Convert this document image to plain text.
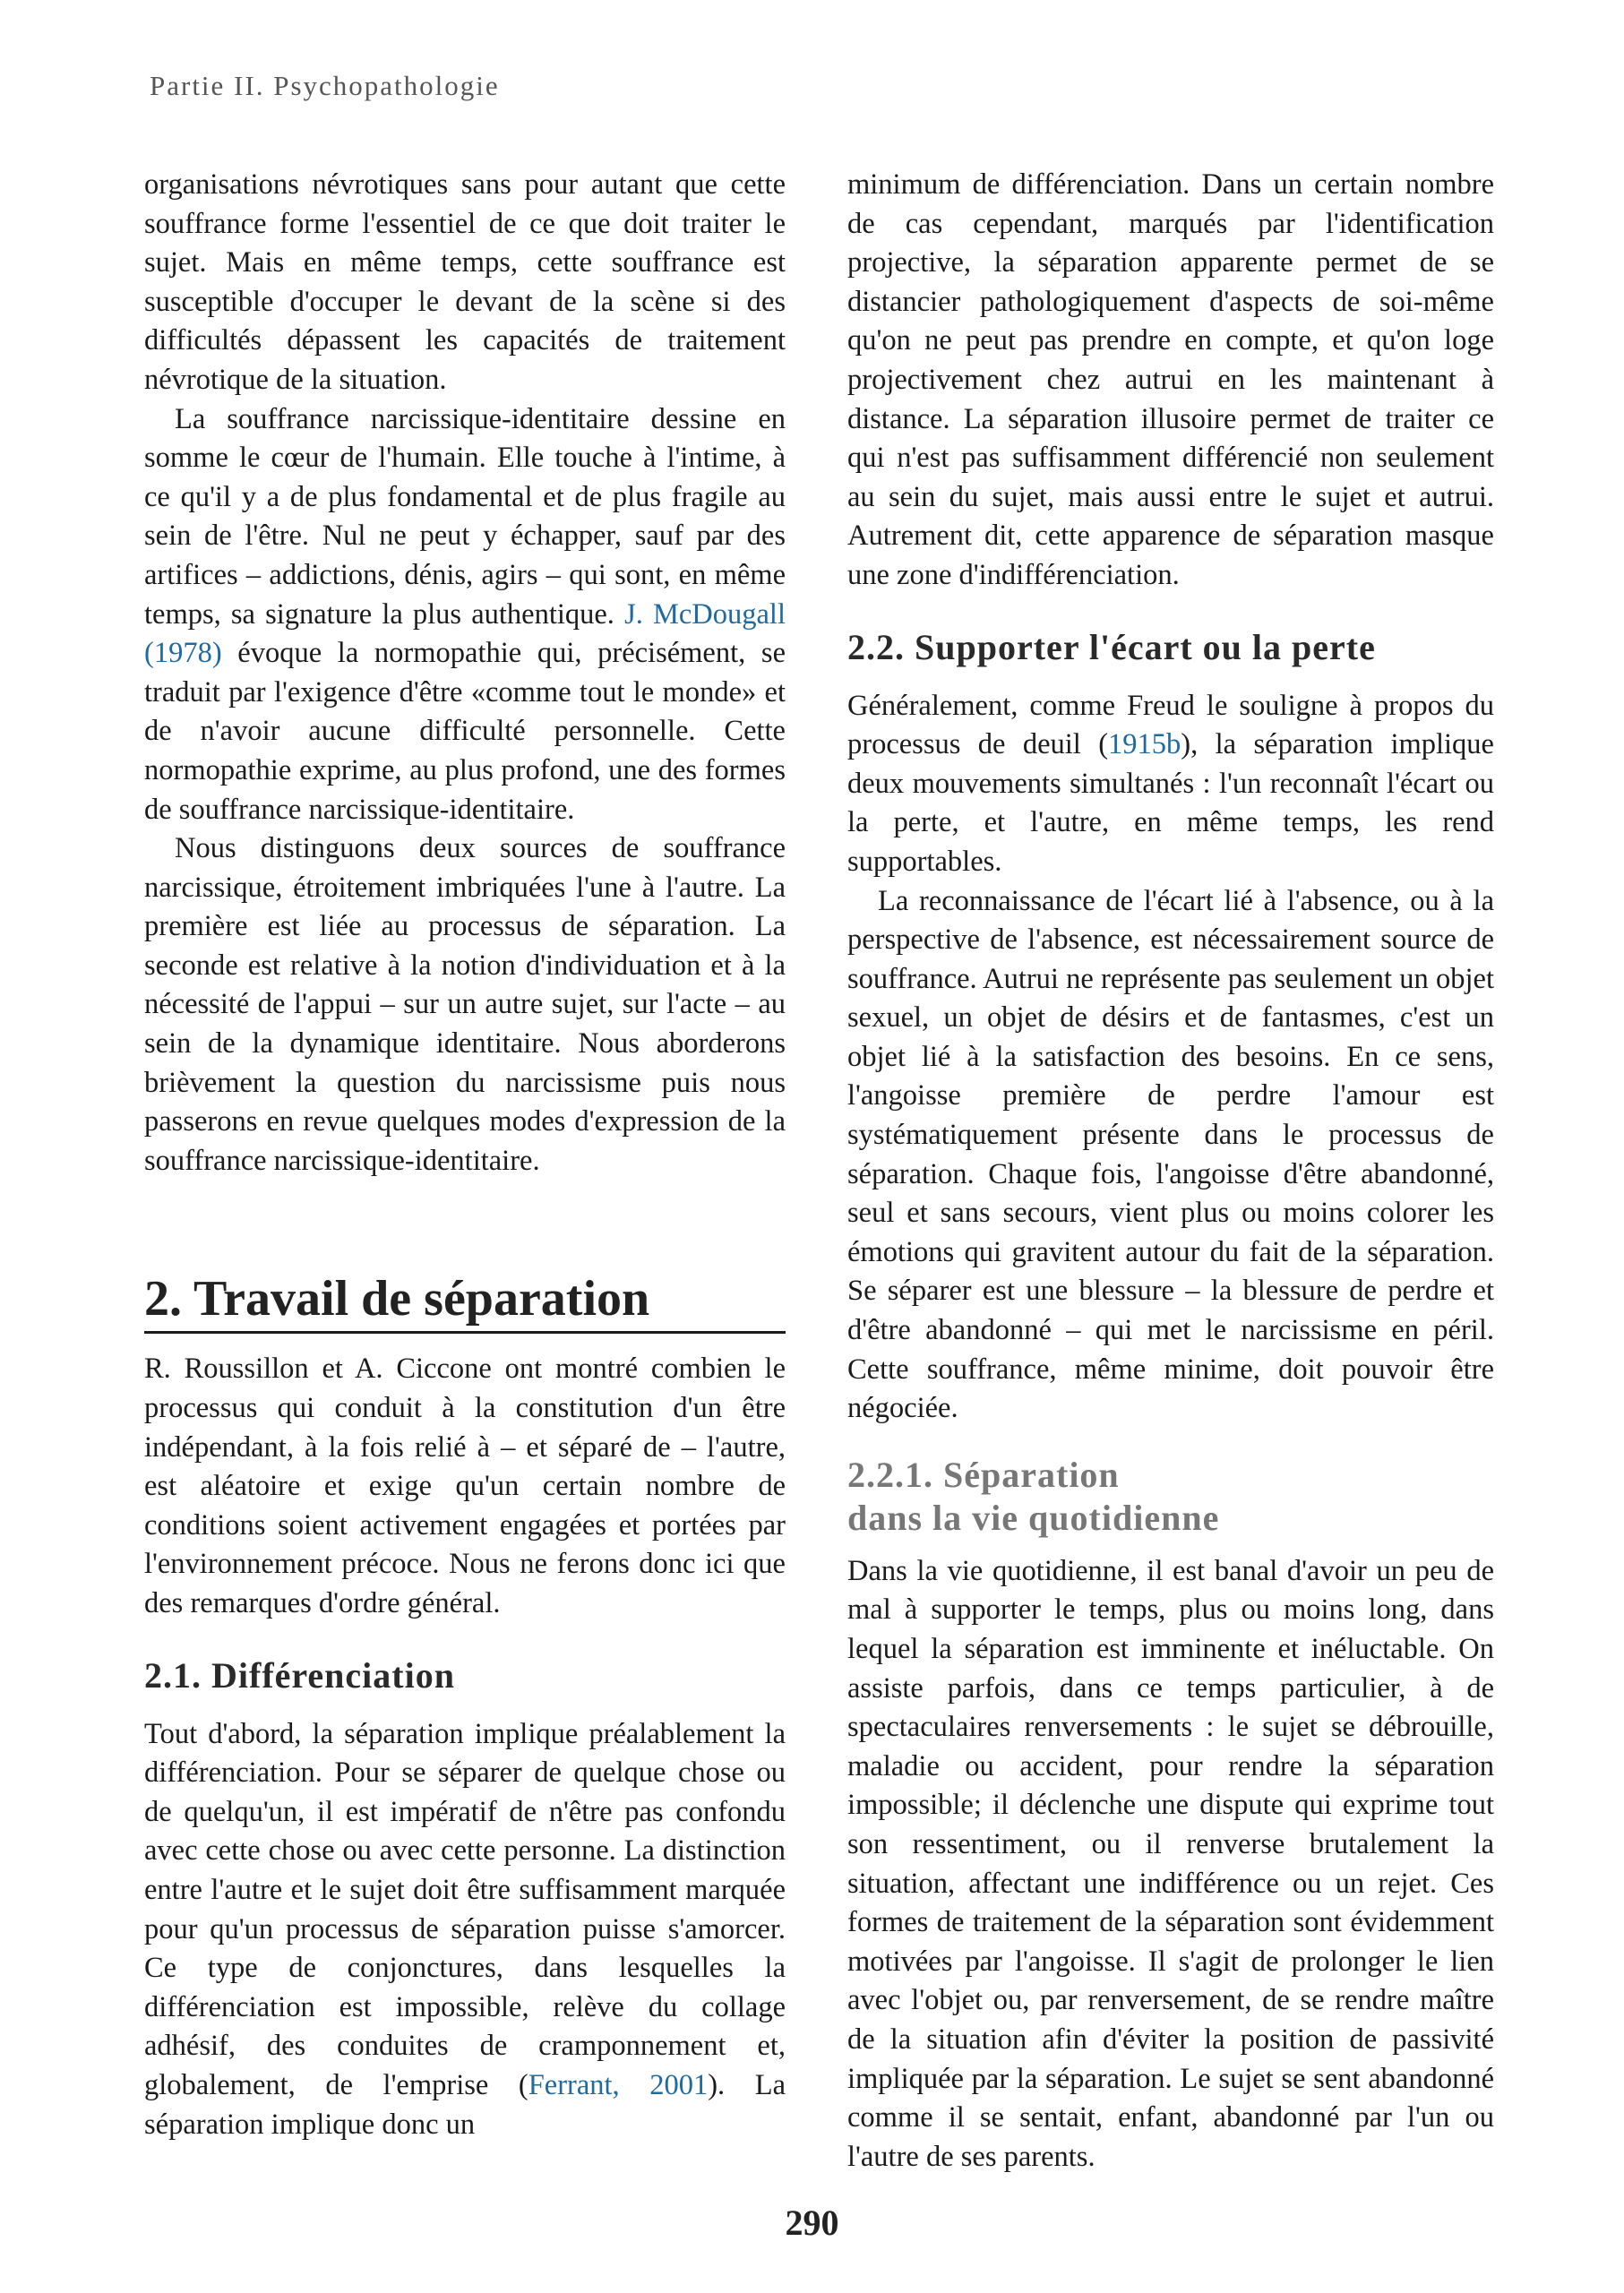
Partie II. Psychopathologie

organisations névrotiques sans pour autant que cette souffrance forme l'essentiel de ce que doit traiter le sujet. Mais en même temps, cette souffrance est susceptible d'occuper le devant de la scène si des difficultés dépassent les capacités de traitement névrotique de la situation.

La souffrance narcissique-identitaire dessine en somme le cœur de l'humain. Elle touche à l'intime, à ce qu'il y a de plus fondamental et de plus fragile au sein de l'être. Nul ne peut y échapper, sauf par des artifices – addictions, dénis, agirs – qui sont, en même temps, sa signature la plus authentique. J. McDougall (1978) évoque la normopathie qui, précisément, se traduit par l'exigence d'être «comme tout le monde» et de n'avoir aucune difficulté personnelle. Cette normopathie exprime, au plus profond, une des formes de souffrance narcissique-identitaire.

Nous distinguons deux sources de souffrance narcissique, étroitement imbriquées l'une à l'autre. La première est liée au processus de séparation. La seconde est relative à la notion d'individuation et à la nécessité de l'appui – sur un autre sujet, sur l'acte – au sein de la dynamique identitaire. Nous aborderons brièvement la question du narcissisme puis nous passerons en revue quelques modes d'expression de la souffrance narcissique-identitaire.

2. Travail de séparation

R. Roussillon et A. Ciccone ont montré combien le processus qui conduit à la constitution d'un être indépendant, à la fois relié à – et séparé de – l'autre, est aléatoire et exige qu'un certain nombre de conditions soient activement engagées et portées par l'environnement précoce. Nous ne ferons donc ici que des remarques d'ordre général.

2.1. Différenciation

Tout d'abord, la séparation implique préalablement la différenciation. Pour se séparer de quelque chose ou de quelqu'un, il est impératif de n'être pas confondu avec cette chose ou avec cette personne. La distinction entre l'autre et le sujet doit être suffisamment marquée pour qu'un processus de séparation puisse s'amorcer. Ce type de conjonctures, dans lesquelles la différenciation est impossible, relève du collage adhésif, des conduites de cramponnement et, globalement, de l'emprise (Ferrant, 2001). La séparation implique donc un

minimum de différenciation. Dans un certain nombre de cas cependant, marqués par l'identification projective, la séparation apparente permet de se distancier pathologiquement d'aspects de soi-même qu'on ne peut pas prendre en compte, et qu'on loge projectivement chez autrui en les maintenant à distance. La séparation illusoire permet de traiter ce qui n'est pas suffisamment différencié non seulement au sein du sujet, mais aussi entre le sujet et autrui. Autrement dit, cette apparence de séparation masque une zone d'indifférenciation.

2.2. Supporter l'écart ou la perte

Généralement, comme Freud le souligne à propos du processus de deuil (1915b), la séparation implique deux mouvements simultanés : l'un reconnaît l'écart ou la perte, et l'autre, en même temps, les rend supportables.

La reconnaissance de l'écart lié à l'absence, ou à la perspective de l'absence, est nécessairement source de souffrance. Autrui ne représente pas seulement un objet sexuel, un objet de désirs et de fantasmes, c'est un objet lié à la satisfaction des besoins. En ce sens, l'angoisse première de perdre l'amour est systématiquement présente dans le processus de séparation. Chaque fois, l'angoisse d'être abandonné, seul et sans secours, vient plus ou moins colorer les émotions qui gravitent autour du fait de la séparation. Se séparer est une blessure – la blessure de perdre et d'être abandonné – qui met le narcissisme en péril. Cette souffrance, même minime, doit pouvoir être négociée.

2.2.1. Séparation
dans la vie quotidienne

Dans la vie quotidienne, il est banal d'avoir un peu de mal à supporter le temps, plus ou moins long, dans lequel la séparation est imminente et inéluctable. On assiste parfois, dans ce temps particulier, à de spectaculaires renversements : le sujet se débrouille, maladie ou accident, pour rendre la séparation impossible; il déclenche une dispute qui exprime tout son ressentiment, ou il renverse brutalement la situation, affectant une indifférence ou un rejet. Ces formes de traitement de la séparation sont évidemment motivées par l'angoisse. Il s'agit de prolonger le lien avec l'objet ou, par renversement, de se rendre maître de la situation afin d'éviter la position de passivité impliquée par la séparation. Le sujet se sent abandonné comme il se sentait, enfant, abandonné par l'un ou l'autre de ses parents.

290
